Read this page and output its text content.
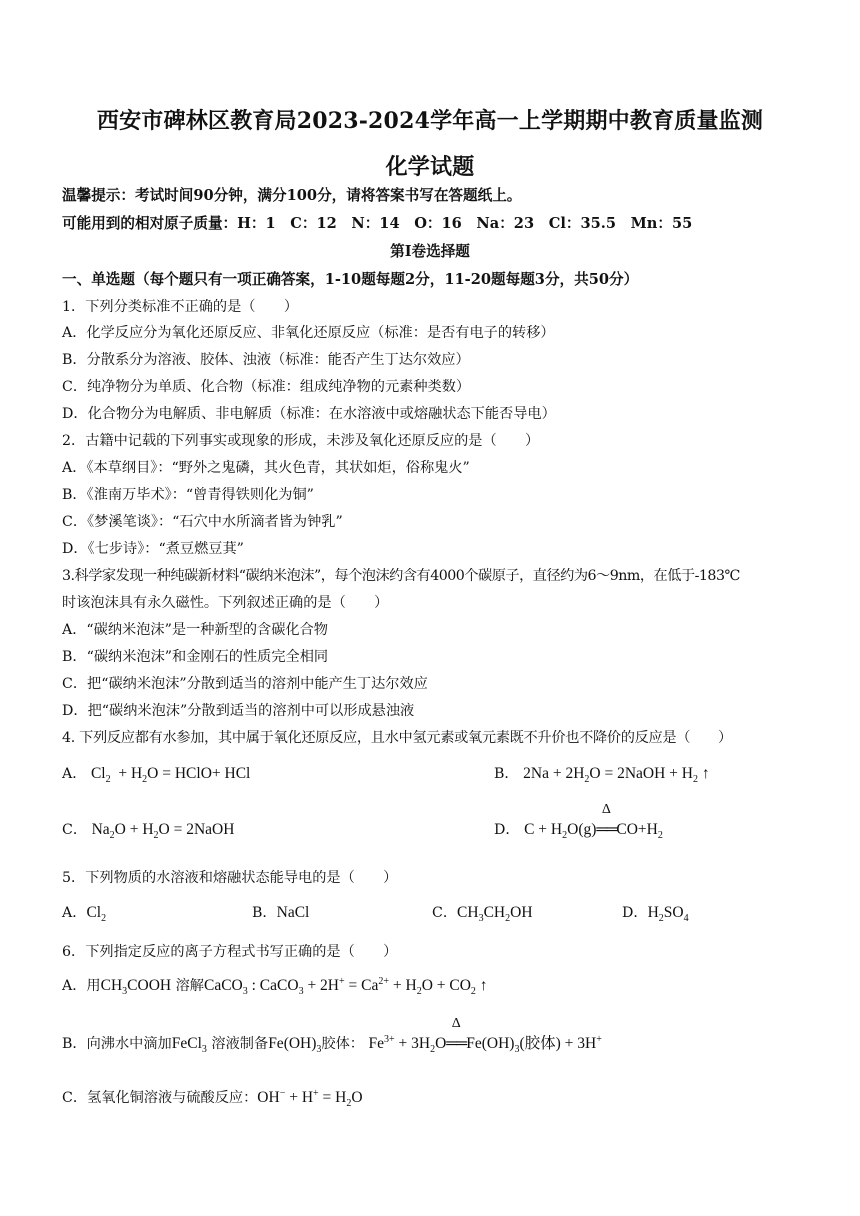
西安市碑林区教育局2023-2024学年高一上学期期中教育质量监测
化学试题
温馨提示：考试时间90分钟，满分100分，请将答案书写在答题纸上。
可能用到的相对原子质量：H：1　C：12　N：14　O：16　Na：23　Cl：35.5　Mn：55
第Ⅰ卷选择题
一、单选题（每个题只有一项正确答案，1-10题每题2分，11-20题每题3分，共50分）
1．下列分类标准不正确的是（　　）
A．化学反应分为氧化还原反应、非氧化还原反应（标准：是否有电子的转移）
B．分散系分为溶液、胶体、浊液（标准：能否产生丁达尔效应）
C．纯净物分为单质、化合物（标准：组成纯净物的元素种类数）
D．化合物分为电解质、非电解质（标准：在水溶液中或熔融状态下能否导电）
2．古籍中记载的下列事实或现象的形成，未涉及氧化还原反应的是（　　）
A．《本草纲目》：“野外之鬼磷，其火色青，其状如炬，俗称鬼火”
B．《淮南万毕术》：“曾青得铁则化为铜”
C．《梦溪笔谈》：“石穴中水所滴者皆为钟乳”
D．《七步诗》：“煮豆燃豆萁”
3.科学家发现一种纯碳新材料“碳纳米泡沫”，每个泡沫约含有4000个碳原子，直径约为6～9nm，在低于-183℃
时该泡沫具有永久磁性。下列叙述正确的是（　　）
A．“碳纳米泡沫”是一种新型的含碳化合物
B．“碳纳米泡沫”和金刚石的性质完全相同
C．把“碳纳米泡沫”分散到适当的溶剂中能产生丁达尔效应
D．把“碳纳米泡沫”分散到适当的溶剂中可以形成悬浊液
4. 下列反应都有水参加，其中属于氧化还原反应，且水中氢元素或氧元素既不升价也不降价的反应是（　　）
A． $Cl_2 + H_2O$ = HClO+ HCl	B． $2Na + 2H_2O$ = 2NaOH + $H_2$ ↑
C． $Na_2O + H_2O$ = 2NaOH	D． $C + H_2O(g)$
Δ
$══CO+H_2$
5．下列物质的水溶液和熔融状态能导电的是（　　）
A．$Cl_2$	B．NaCl	C．$CH_3CH_2OH$	D．$H_2SO_4$
6．下列指定反应的离子方程式书写正确的是（　　）
A．用$CH_3COOH$ 溶解CaCO$_3$ : CaCO$_3$ + $2H^+ = Ca^{2+} + H_2O + CO_2$ ↑
B．向沸水中滴加FeCl$_3$ 溶液制备$Fe(OH)_3$胶体： $Fe^{3+} + 3H_2O$
Δ
$══Fe(OH)_3$(胶体) + 3H+
C．氢氧化铜溶液与硫酸反应：$OH^- + H^+ = H_2O$
